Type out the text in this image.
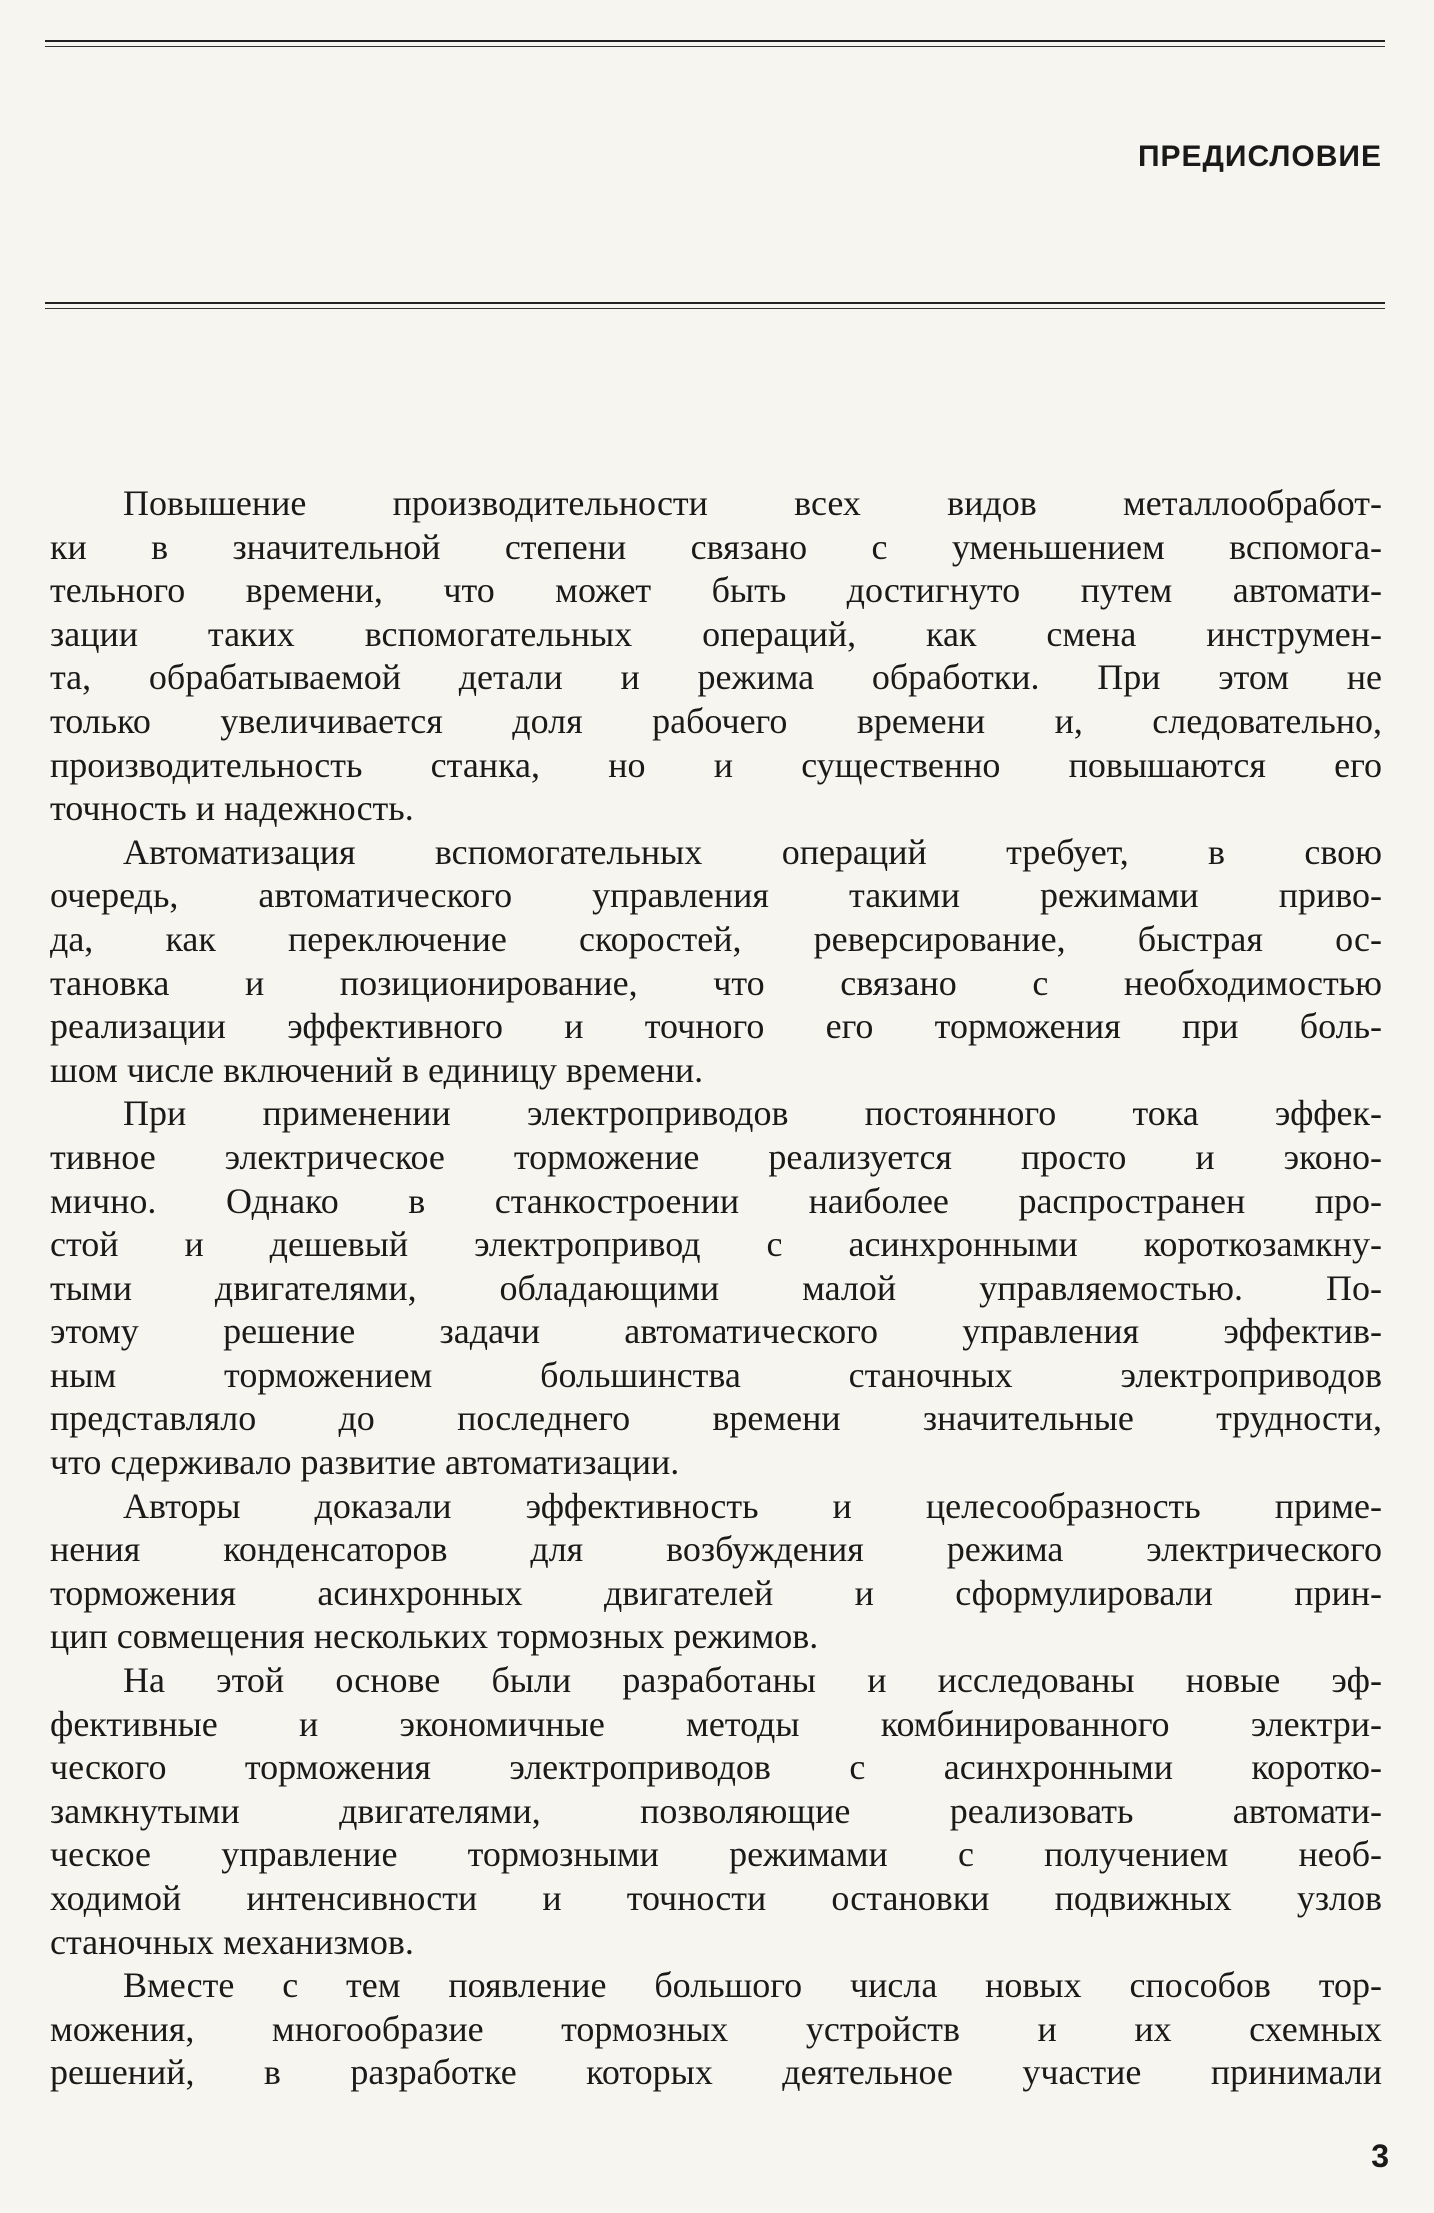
ПРЕДИСЛОВИЕ
Повышение производительности всех видов металлообработ-
ки в значительной степени связано с уменьшением вспомога-
тельного времени, что может быть достигнуто путем автомати-
зации таких вспомогательных операций, как смена инструмен-
та, обрабатываемой детали и режима обработки. При этом не
только увеличивается доля рабочего времени и, следовательно,
производительность станка, но и существенно повышаются его
точность и надежность.
Автоматизация вспомогательных операций требует, в свою
очередь, автоматического управления такими режимами приво-
да, как переключение скоростей, реверсирование, быстрая ос-
тановка и позиционирование, что связано с необходимостью
реализации эффективного и точного его торможения при боль-
шом числе включений в единицу времени.
При применении электроприводов постоянного тока эффек-
тивное электрическое торможение реализуется просто и эконо-
мично. Однако в станкостроении наиболее распространен про-
стой и дешевый электропривод с асинхронными короткозамкну-
тыми двигателями, обладающими малой управляемостью. По-
этому решение задачи автоматического управления эффектив-
ным торможением большинства станочных электроприводов
представляло до последнего времени значительные трудности,
что сдерживало развитие автоматизации.
Авторы доказали эффективность и целесообразность приме-
нения конденсаторов для возбуждения режима электрического
торможения асинхронных двигателей и сформулировали прин-
цип совмещения нескольких тормозных режимов.
На этой основе были разработаны и исследованы новые эф-
фективные и экономичные методы комбинированного электри-
ческого торможения электроприводов с асинхронными коротко-
замкнутыми двигателями, позволяющие реализовать автомати-
ческое управление тормозными режимами с получением необ-
ходимой интенсивности и точности остановки подвижных узлов
станочных механизмов.
Вместе с тем появление большого числа новых способов тор-
можения, многообразие тормозных устройств и их схемных
решений, в разработке которых деятельное участие принимали
3
